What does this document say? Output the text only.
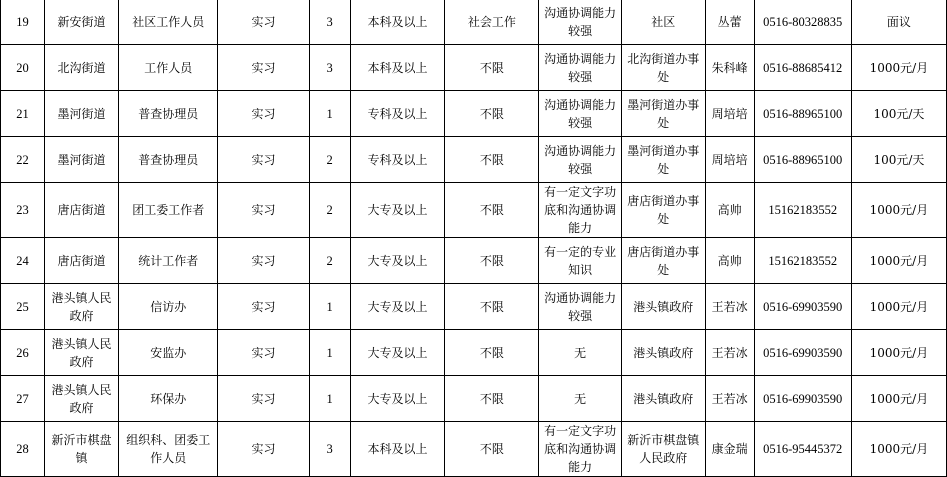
19	新安街道	社区工作人员	实习	3	本科及以上	社会工作	沟通协调能力较强	社区	丛蕾	0516-80328835	面议
20	北沟街道	工作人员	实习	3	本科及以上	不限	沟通协调能力较强	北沟街道办事处	朱科峰	0516-88685412	1000元/月
21	墨河街道	普查协理员	实习	1	专科及以上	不限	沟通协调能力较强	墨河街道办事处	周培培	0516-88965100	100元/天
22	墨河街道	普查协理员	实习	2	专科及以上	不限	沟通协调能力较强	墨河街道办事处	周培培	0516-88965100	100元/天
23	唐店街道	团工委工作者	实习	2	大专及以上	不限	有一定文字功底和沟通协调能力	唐店街道办事处	高帅	15162183552	1000元/月
24	唐店街道	统计工作者	实习	2	大专及以上	不限	有一定的专业知识	唐店街道办事处	高帅	15162183552	1000元/月
25	港头镇人民政府	信访办	实习	1	大专及以上	不限	沟通协调能力较强	港头镇政府	王若冰	0516-69903590	1000元/月
26	港头镇人民政府	安监办	实习	1	大专及以上	不限	无	港头镇政府	王若冰	0516-69903590	1000元/月
27	港头镇人民政府	环保办	实习	1	大专及以上	不限	无	港头镇政府	王若冰	0516-69903590	1000元/月
28	新沂市棋盘镇	组织科、团委工作人员	实习	3	本科及以上	不限	有一定文字功底和沟通协调能力	新沂市棋盘镇人民政府	康金瑞	0516-95445372	1000元/月
